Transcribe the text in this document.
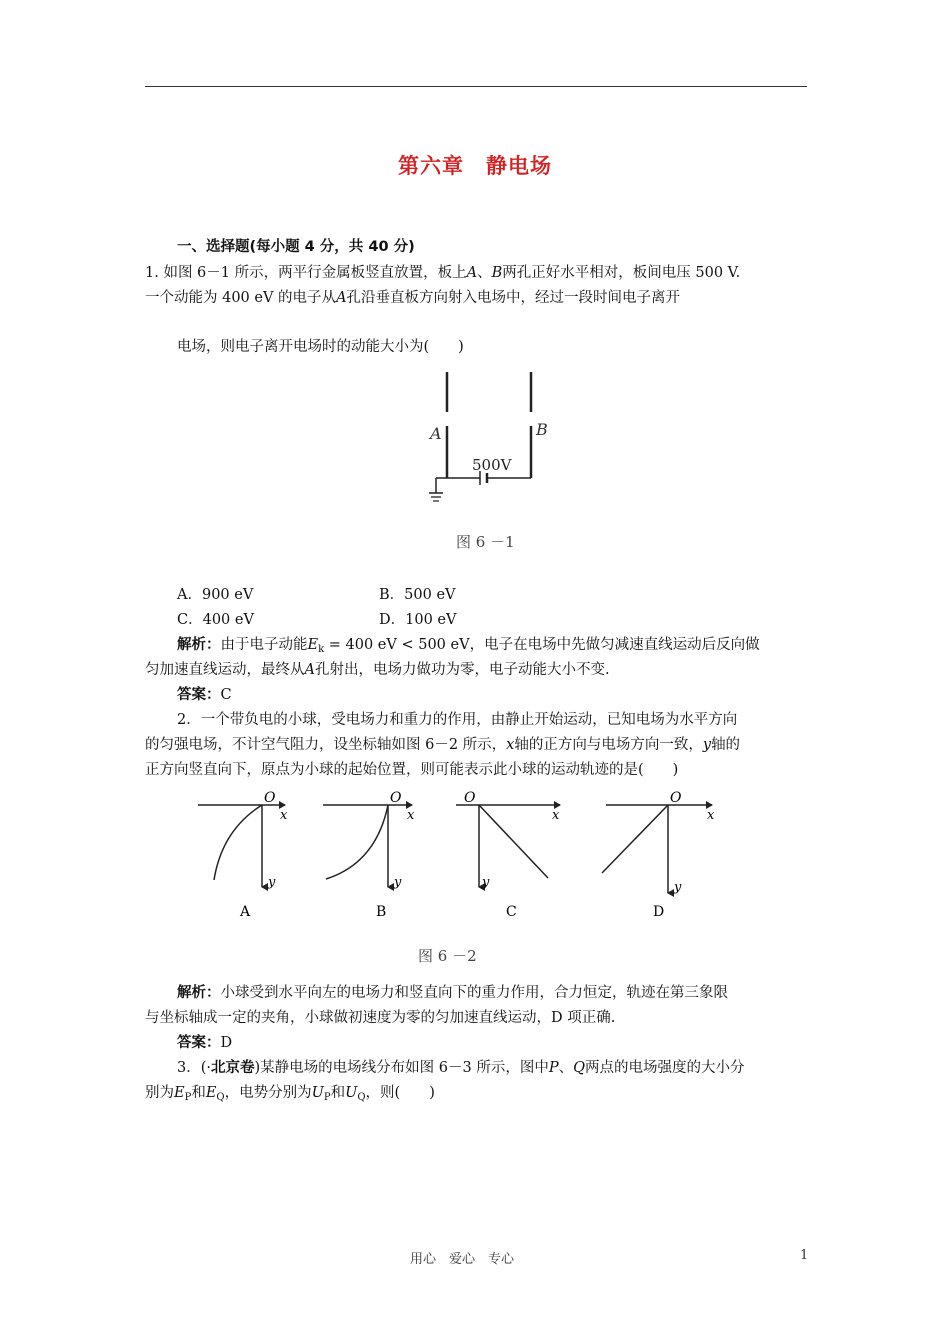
第六章　静电场
一、选择题(每小题 4 分，共 40 分)
1. 如图 6－1 所示，两平行金属板竖直放置，板上A、B两孔正好水平相对，板间电压 500 V.
一个动能为 400 eV 的电子从A孔沿垂直板方向射入电场中，经过一段时间电子离开
电场，则电子离开电场时的动能大小为(　　)
A	B
500V
图 6 －1
A．900 eV	B．500 eV
C．400 eV	D．100 eV
解析：由于电子动能$E_k = 400$ eV < 500 eV，电子在电场中先做匀减速直线运动后反向做
匀加速直线运动，最终从A孔射出，电场力做功为零，电子动能大小不变.
答案：C
2．一个带负电的小球，受电场力和重力的作用，由静止开始运动，已知电场为水平方向
的匀强电场，不计空气阻力，设坐标轴如图 6－2 所示，x轴的正方向与电场方向一致，y轴的
正方向竖直向下，原点为小球的起始位置，则可能表示此小球的运动轨迹的是(　　)
O
x
y
A
O
x
y
B
O
x
y
C
O
x
y
D
图 6 －2
解析：小球受到水平向左的电场力和竖直向下的重力作用，合力恒定，轨迹在第三象限
与坐标轴成一定的夹角，小球做初速度为零的匀加速直线运动，D 项正确.
答案：D
3．(·北京卷)某静电场的电场线分布如图 6－3 所示，图中P、Q两点的电场强度的大小分
别为$E_P$和$E_Q$，电势分别为$U_P$和$U_Q$，则(　　)
用心　爱心　专心	1
